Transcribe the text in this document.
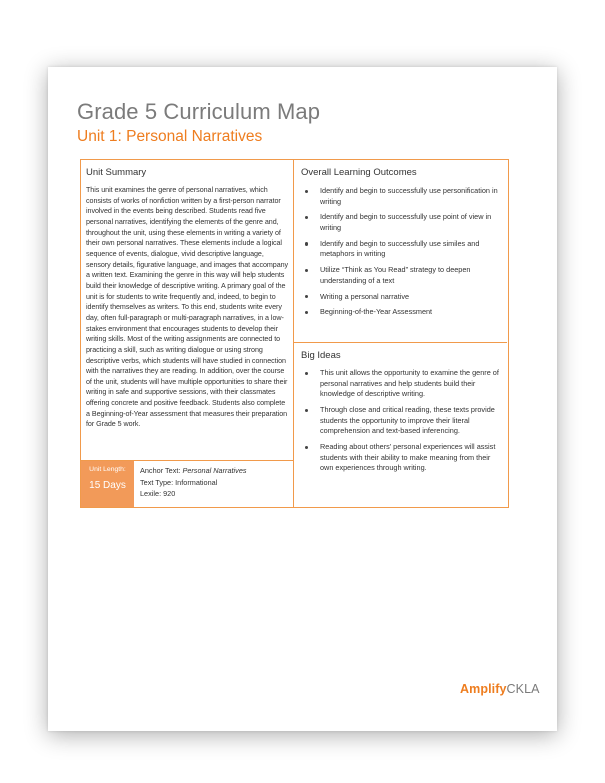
Grade 5 Curriculum Map
Unit 1: Personal Narratives
Unit Summary

This unit examines the genre of personal narratives, which consists of works of nonfiction written by a first-person narrator involved in the events being described. Students read five personal narratives, identifying the elements of the genre and, throughout the unit, using these elements in writing a variety of their own personal narratives. These elements include a logical sequence of events, dialogue, vivid descriptive language, sensory details, figurative language, and images that accompany a written text. Examining the genre in this way will help students build their knowledge of descriptive writing. A primary goal of the unit is for students to write frequently and, indeed, to begin to identify themselves as writers. To this end, students write every day, often full-paragraph or multi-paragraph narratives, in a low-stakes environment that encourages students to develop their writing skills. Most of the writing assignments are connected to practicing a skill, such as writing dialogue or using strong descriptive verbs, which students will have studied in connection with the narratives they are reading. In addition, over the course of the unit, students will have multiple opportunities to share their writing in safe and supportive sessions, with their classmates offering concrete and positive feedback. Students also complete a Beginning-of-Year assessment that measures their preparation for Grade 5 work.

Unit Length:
15 Days
Anchor Text: Personal Narratives
Text Type: Informational
Lexile: 920
Overall Learning Outcomes
Identify and begin to successfully use personification in writing
Identify and begin to successfully use point of view in writing
Identify and begin to successfully use similes and metaphors in writing
Utilize “Think as You Read” strategy to deepen understanding of a text
Writing a personal narrative
Beginning-of-the-Year Assessment
Big Ideas
This unit allows the opportunity to examine the genre of personal narratives and help students build their knowledge of descriptive writing.
Through close and critical reading, these texts provide students the opportunity to improve their literal comprehension and text-based inferencing.
Reading about others’ personal experiences will assist students with their ability to make meaning from their own experiences through writing.
AmplifyCKLA
